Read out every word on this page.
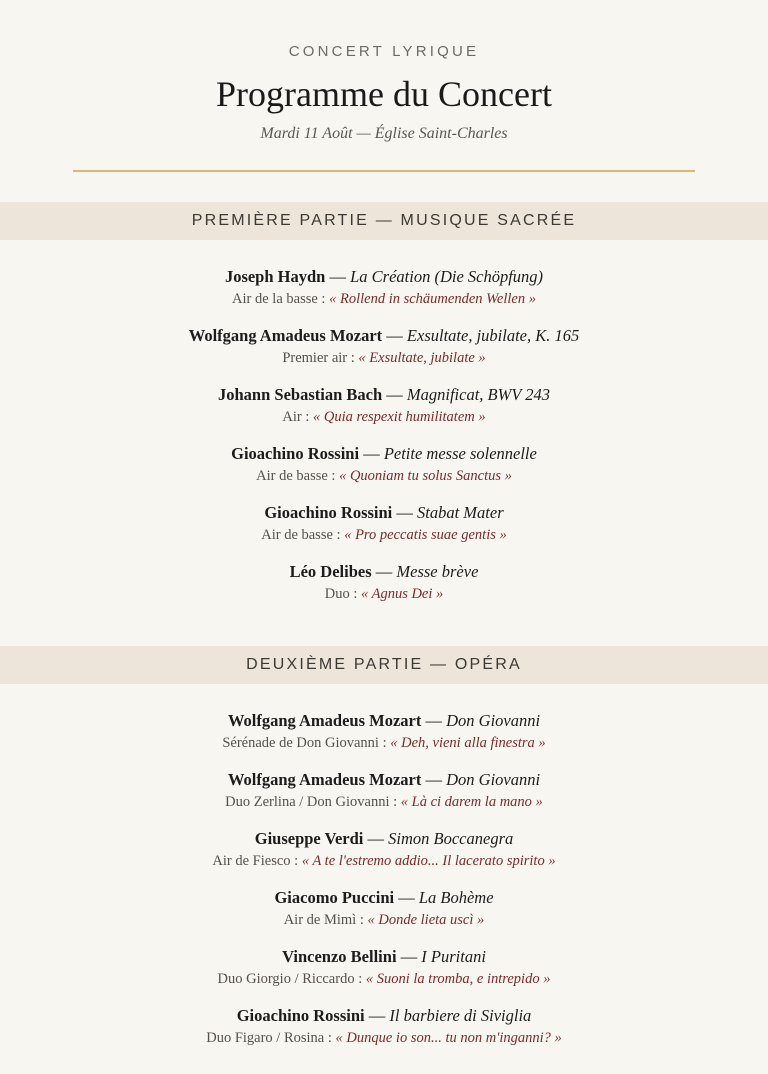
CONCERT LYRIQUE
Programme du Concert
Mardi 11 Août — Église Saint-Charles
PREMIÈRE PARTIE — MUSIQUE SACRÉE
Joseph Haydn — La Création (Die Schöpfung)
Air de la basse : « Rollend in schäumenden Wellen »
Wolfgang Amadeus Mozart — Exsultate, jubilate, K. 165
Premier air : « Exsultate, jubilate »
Johann Sebastian Bach — Magnificat, BWV 243
Air : « Quia respexit humilitatem »
Gioachino Rossini — Petite messe solennelle
Air de basse : « Quoniam tu solus Sanctus »
Gioachino Rossini — Stabat Mater
Air de basse : « Pro peccatis suae gentis »
Léo Delibes — Messe brève
Duo : « Agnus Dei »
DEUXIÈME PARTIE — OPÉRA
Wolfgang Amadeus Mozart — Don Giovanni
Sérénade de Don Giovanni : « Deh, vieni alla finestra »
Wolfgang Amadeus Mozart — Don Giovanni
Duo Zerlina / Don Giovanni : « Là ci darem la mano »
Giuseppe Verdi — Simon Boccanegra
Air de Fiesco : « A te l'estremo addio... Il lacerato spirito »
Giacomo Puccini — La Bohème
Air de Mimì : « Donde lieta uscì »
Vincenzo Bellini — I Puritani
Duo Giorgio / Riccardo : « Suoni la tromba, e intrepido »
Gioachino Rossini — Il barbiere di Siviglia
Duo Figaro / Rosina : « Dunque io son... tu non m'inganni? »
